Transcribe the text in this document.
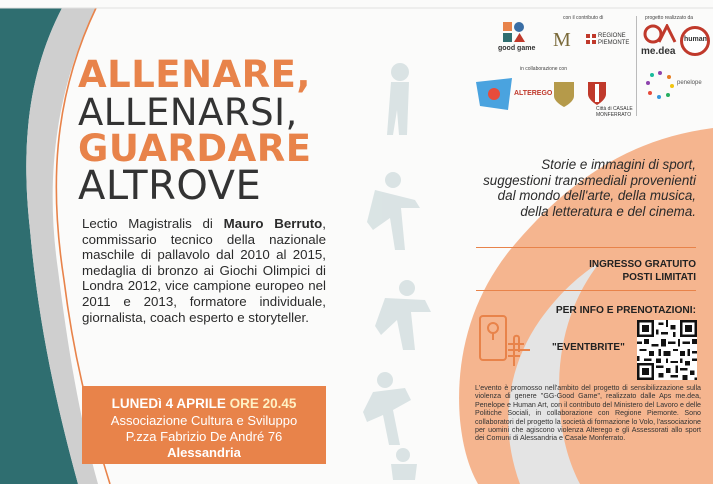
ALLENARE,
ALLENARSI,
GUARDARE
ALTROVE
Lectio Magistralis di Mauro Berruto, commissario tecnico della nazionale maschile di pallavolo dal 2010 al 2015, medaglia di bronzo ai Giochi Olimpici di Londra 2012, vice campione europeo nel 2011 e 2013, formatore individuale, giornalista, coach esperto e storyteller.
LUNEDì 4 APRILE ORE 20.45
Associazione Cultura e Sviluppo
P.zza Fabrizio De André 76
Alessandria
con il contributo di	progetto realizzato da
good game M	REGIONE PIEMONTE
me.dea
human
in collaborazione con
ALTEREGO
Città di CASALE MONFERRATO
penelope
Storie e immagini di sport, suggestioni transmediali provenienti dal mondo dell'arte, della musica, della letteratura e del cinema.
INGRESSO GRATUITO
POSTI LIMITATI
PER INFO E PRENOTAZIONI:
"EVENTBRITE"
L'evento è promosso nell'ambito del progetto di sensibilizzazione sulla violenza di genere "GG-Good Game", realizzato dalle Aps me.dea, Penelope e Human Art, con il contributo del Ministero del Lavoro e delle Politiche Sociali, in collaborazione con Regione Piemonte. Sono collaboratori del progetto la società di formazione lo Volo, l'associazione per uomini che agiscono violenza Alterego e gli Assessorati allo sport dei Comuni di Alessandria e Casale Monferrato.
